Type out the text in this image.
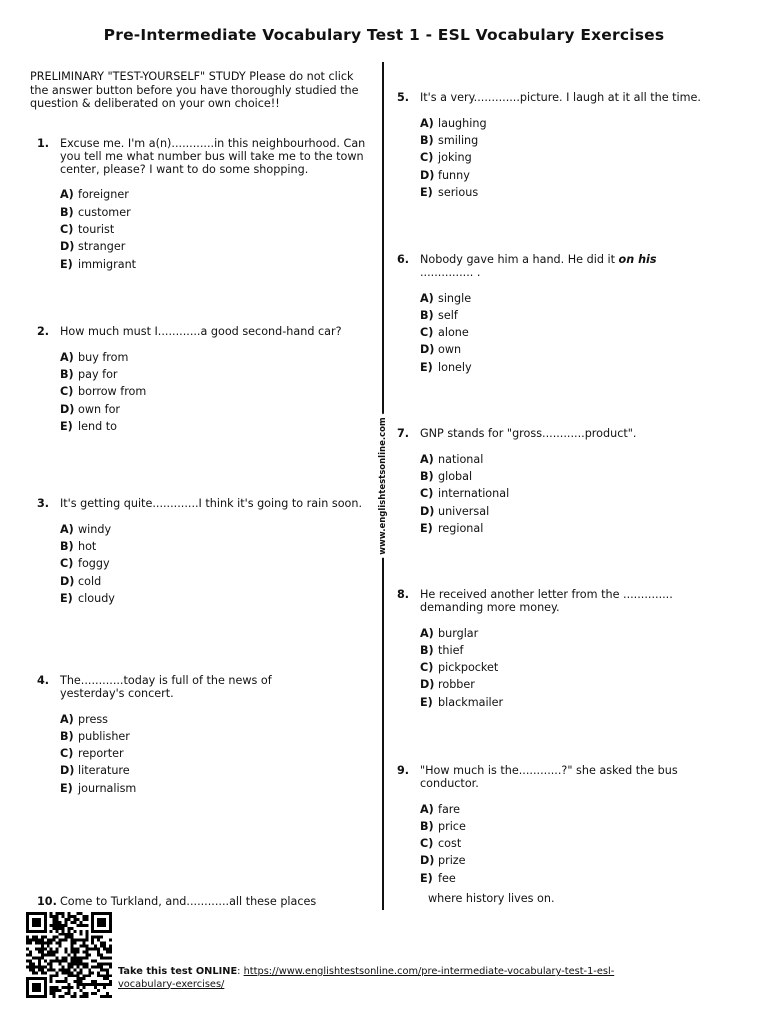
Pre-Intermediate Vocabulary Test 1 - ESL Vocabulary Exercises
PRELIMINARY "TEST-YOURSELF" STUDY Please do not click the answer button before you have thoroughly studied the question & deliberated on your own choice!!
www.englishtestsonline.com
1. Excuse me. I'm a(n)............in this neighbourhood. Can you tell me what number bus will take me to the town center, please? I want to do some shopping.
A) foreigner
B) customer
C) tourist
D) stranger
E) immigrant
2. How much must I............a good second-hand car?
A) buy from
B) pay for
C) borrow from
D) own for
E) lend to
3. It's getting quite.............I think it's going to rain soon.
A) windy
B) hot
C) foggy
D) cold
E) cloudy
4. The............today is full of the news of yesterday's concert.
A) press
B) publisher
C) reporter
D) literature
E) journalism
5. It's a very.............picture. I laugh at it all the time.
A) laughing
B) smiling
C) joking
D) funny
E) serious
6. Nobody gave him a hand. He did it on his ............... .
A) single
B) self
C) alone
D) own
E) lonely
7. GNP stands for "gross............product".
A) national
B) global
C) international
D) universal
E) regional
8. He received another letter from the .............. demanding more money.
A) burglar
B) thief
C) pickpocket
D) robber
E) blackmailer
9. "How much is the............?" she asked the bus conductor.
A) fare
B) price
C) cost
D) prize
E) fee
10. Come to Turkland, and............all these places	where history lives on.
Take this test ONLINE: https://www.englishtestsonline.com/pre-intermediate-vocabulary-test-1-esl-
vocabulary-exercises/
